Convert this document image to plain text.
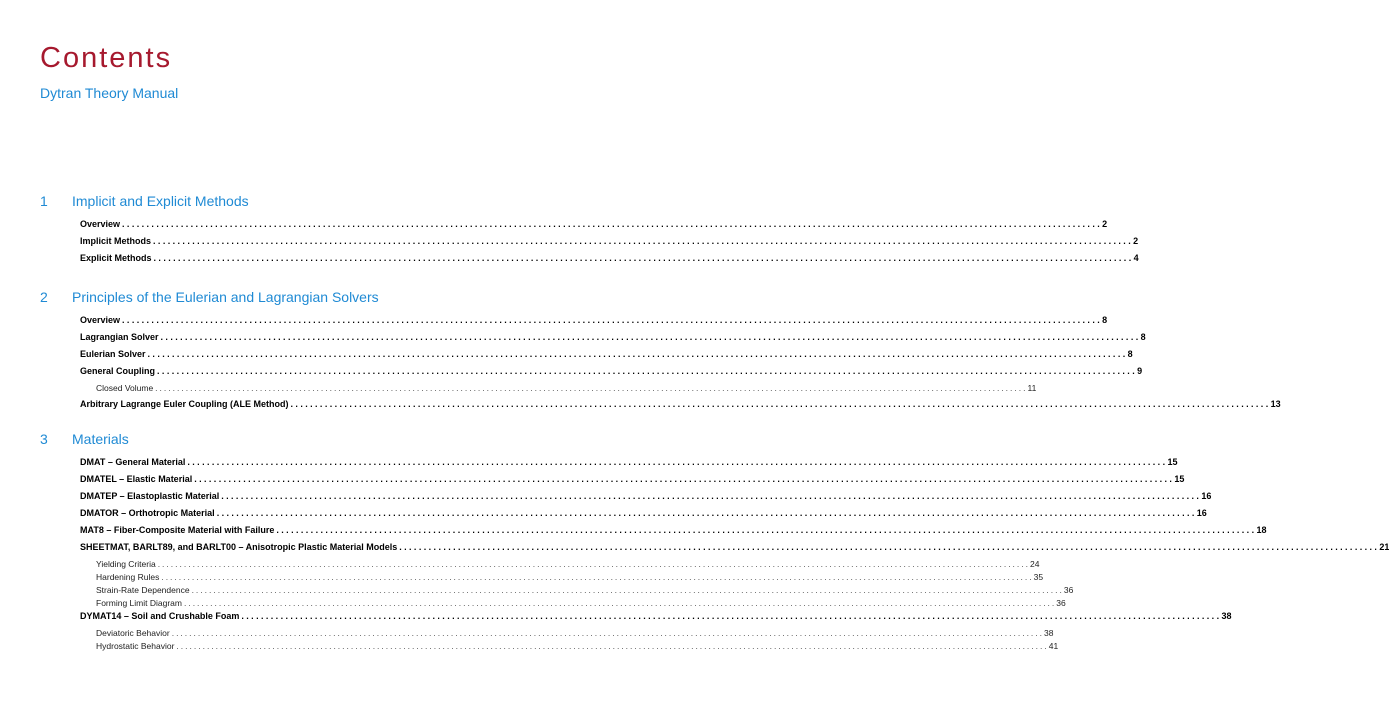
Contents
Dytran Theory Manual
1 Implicit and Explicit Methods
Overview ........................................................................................................................................................................................................ 2
Implicit Methods ........................................................................................................................................................................................................ 2
Explicit Methods ........................................................................................................................................................................................................ 4
2 Principles of the Eulerian and Lagrangian Solvers
Overview ........................................................................................................................................................................................................ 8
Lagrangian Solver ........................................................................................................................................................................................................ 8
Eulerian Solver ........................................................................................................................................................................................................ 8
General Coupling ........................................................................................................................................................................................................ 9
Closed Volume ........................................................................................................................................................................................................ 11
Arbitrary Lagrange Euler Coupling (ALE Method) ........................................................................................................................................................................................................ 13
3 Materials
DMAT – General Material ........................................................................................................................................................................................................ 15
DMATEL – Elastic Material ........................................................................................................................................................................................................ 15
DMATEP – Elastoplastic Material ........................................................................................................................................................................................................ 16
DMATOR – Orthotropic Material ........................................................................................................................................................................................................ 16
MAT8 – Fiber-Composite Material with Failure ........................................................................................................................................................................................................ 18
SHEETMAT, BARLT89, and BARLT00 – Anisotropic Plastic Material Models ........................................................................................................................................................................................................ 21
Yielding Criteria ........................................................................................................................................................................................................ 24
Hardening Rules ........................................................................................................................................................................................................ 35
Strain-Rate Dependence ........................................................................................................................................................................................................ 36
Forming Limit Diagram ........................................................................................................................................................................................................ 36
DYMAT14 – Soil and Crushable Foam ........................................................................................................................................................................................................ 38
Deviatoric Behavior ........................................................................................................................................................................................................ 38
Hydrostatic Behavior ........................................................................................................................................................................................................ 41
